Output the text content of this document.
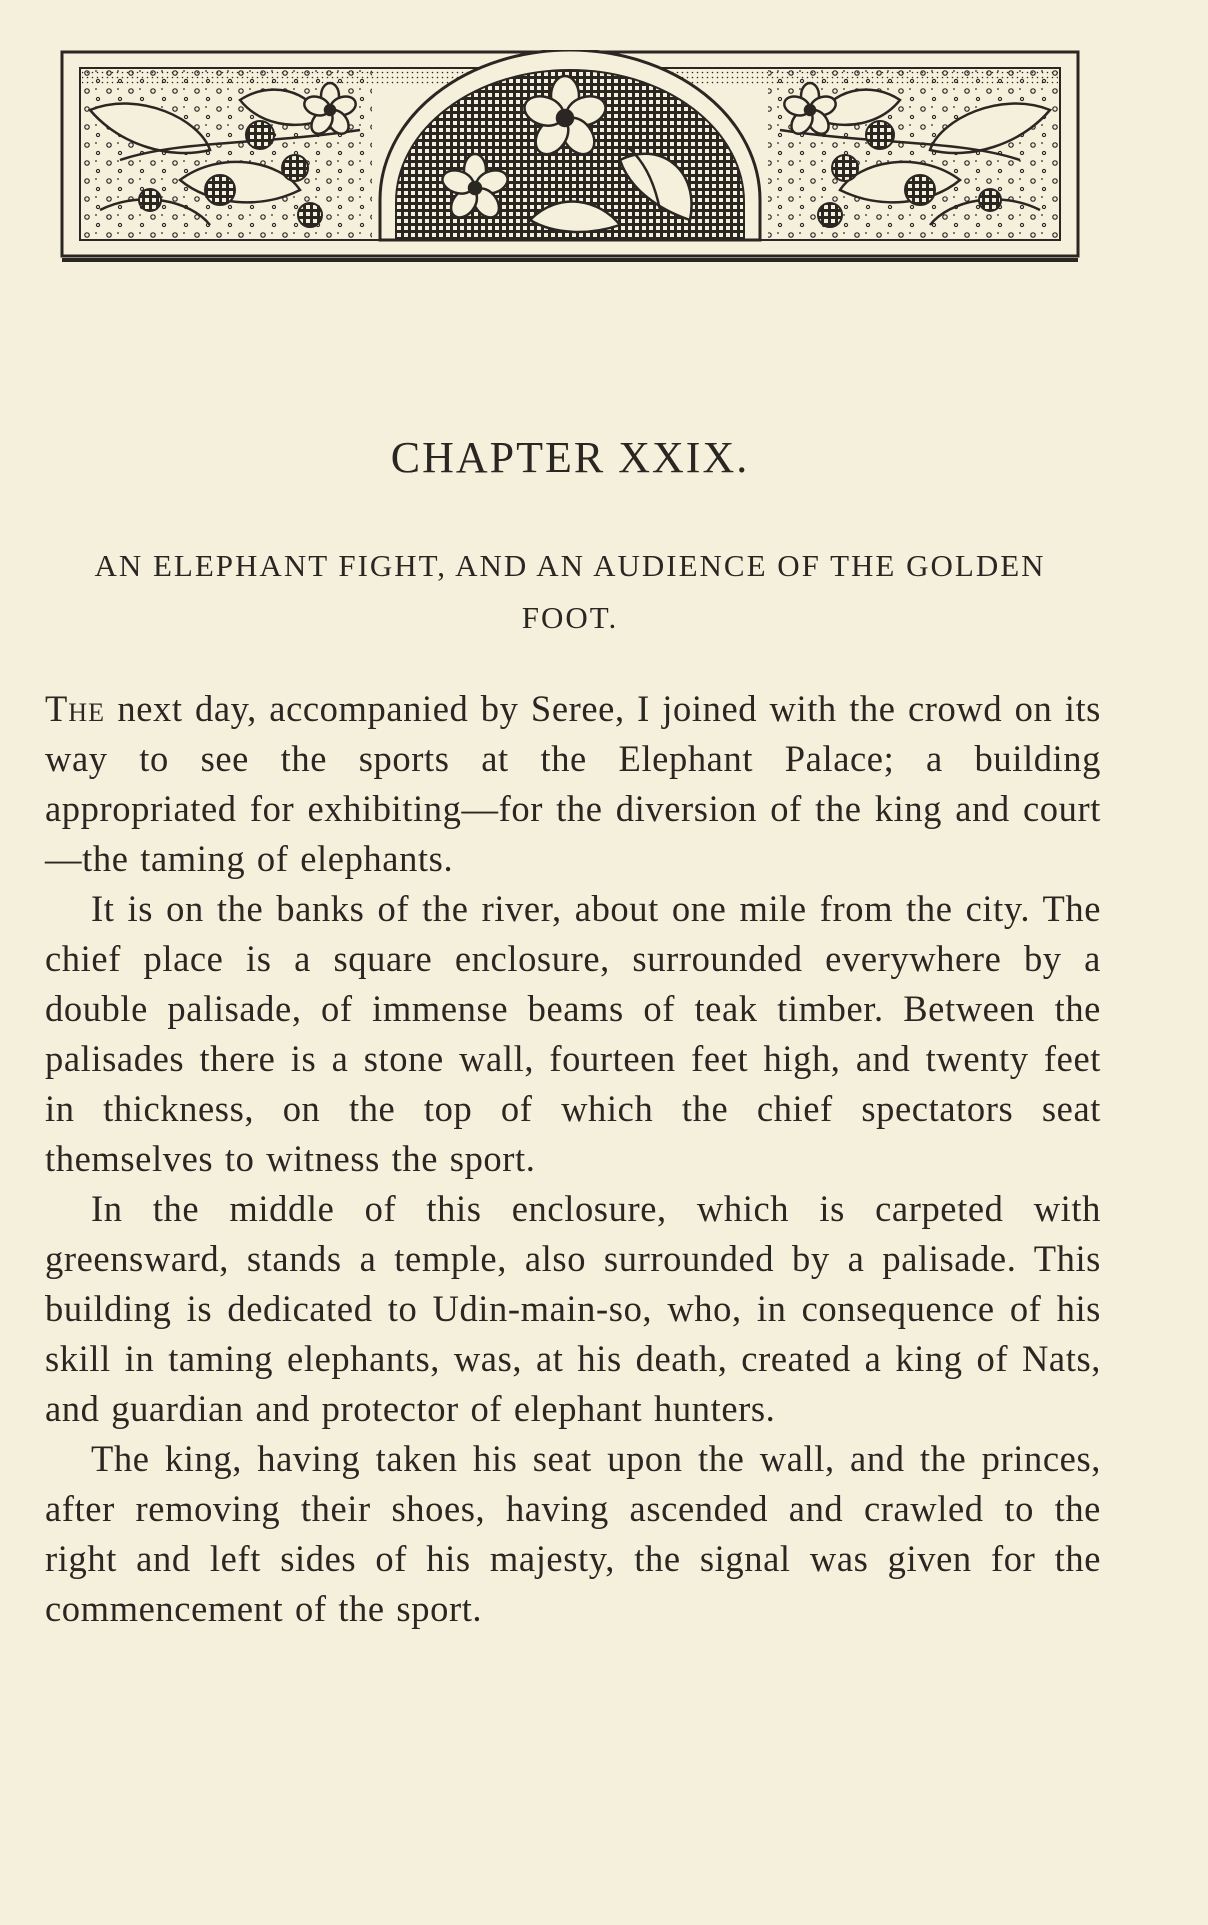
CHAPTER XXIX.
AN ELEPHANT FIGHT, AND AN AUDIENCE OF THE GOLDEN FOOT.

The next day, accompanied by Seree, I joined with the crowd on its way to see the sports at the Elephant Palace; a building appropriated for exhibiting—for the diversion of the king and court—the taming of elephants.

It is on the banks of the river, about one mile from the city. The chief place is a square enclosure, surrounded everywhere by a double palisade, of immense beams of teak timber. Between the palisades there is a stone wall, fourteen feet high, and twenty feet in thickness, on the top of which the chief spectators seat themselves to witness the sport.

In the middle of this enclosure, which is carpeted with greensward, stands a temple, also surrounded by a palisade. This building is dedicated to Udin-main-so, who, in consequence of his skill in taming elephants, was, at his death, created a king of Nats, and guardian and protector of elephant hunters.

The king, having taken his seat upon the wall, and the princes, after removing their shoes, having ascended and crawled to the right and left sides of his majesty, the signal was given for the commencement of the sport.
